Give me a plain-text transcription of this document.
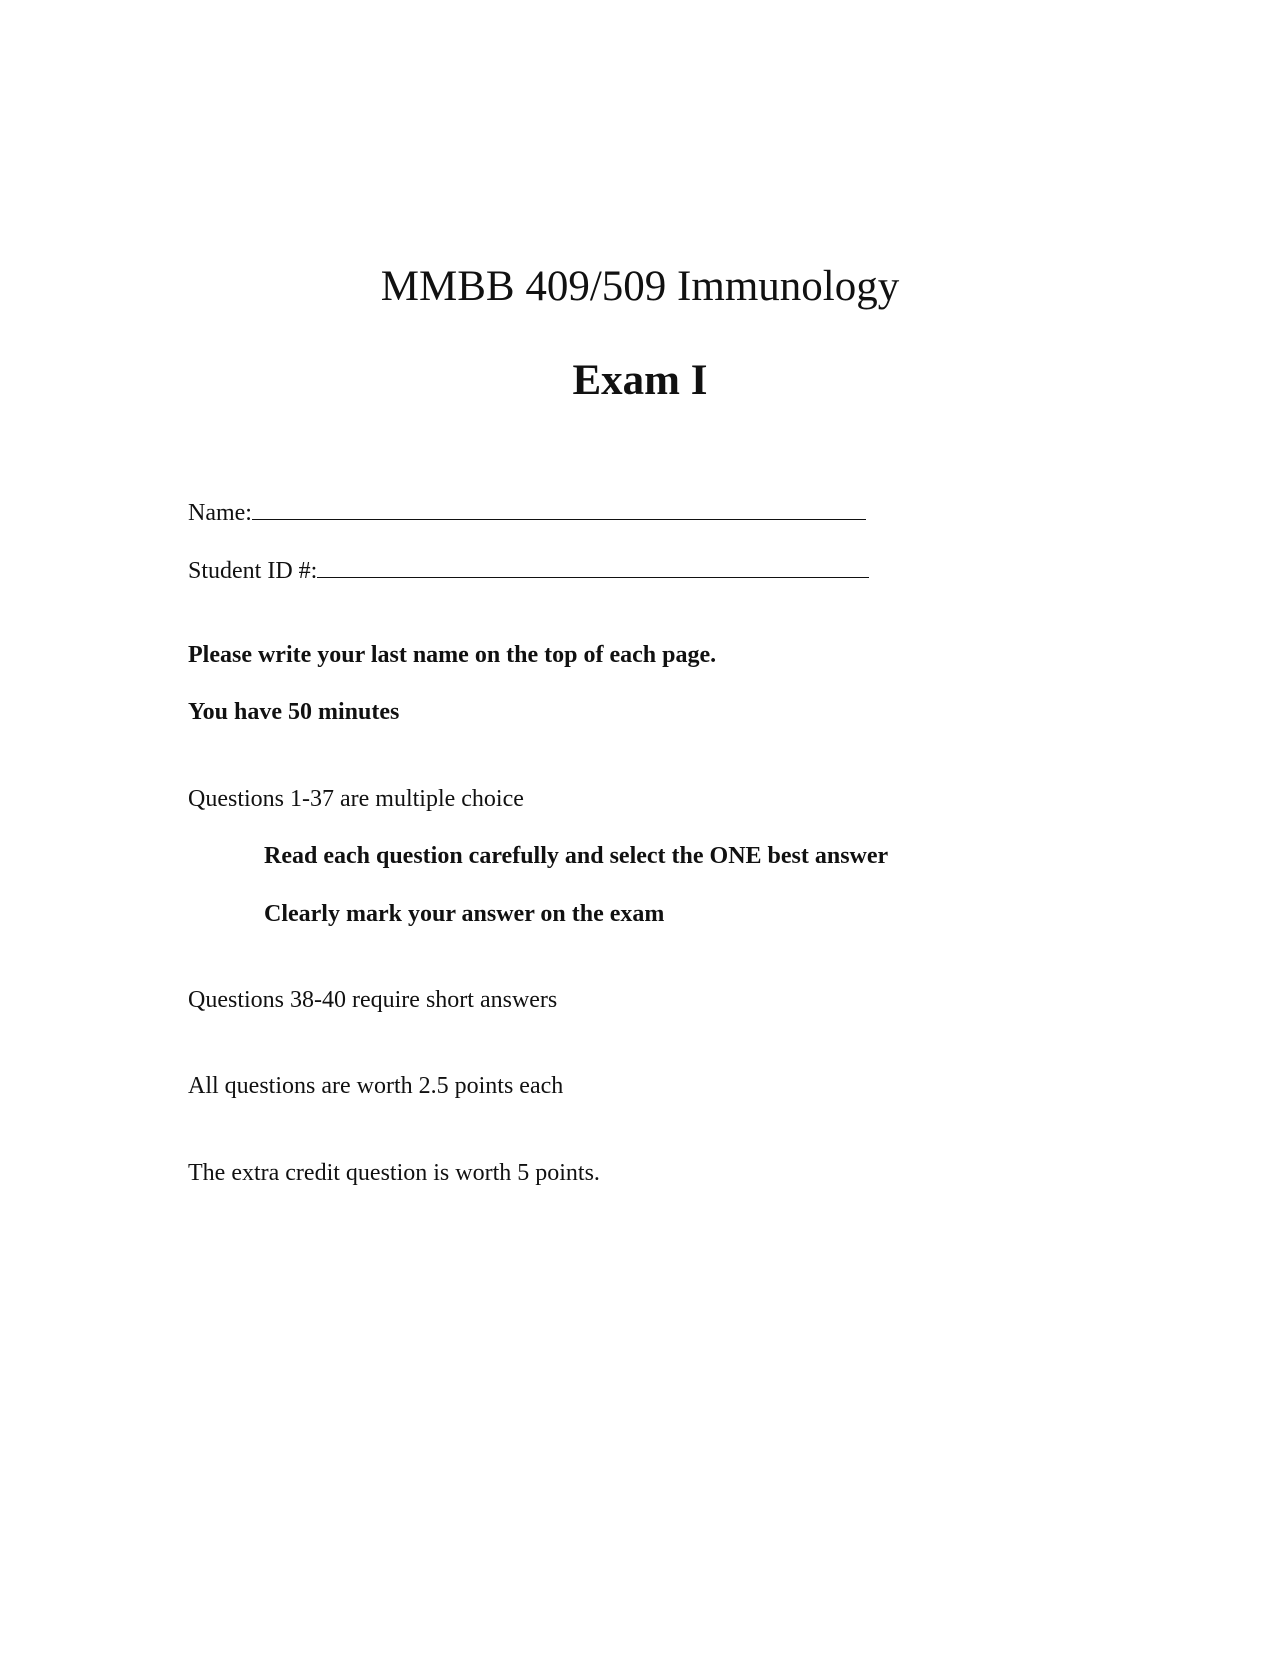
MMBB 409/509 Immunology
Exam I
Name:
Student ID #:
Please write your last name on the top of each page.
You have 50 minutes
Questions 1-37 are multiple choice
Read each question carefully and select the ONE best answer
Clearly mark your answer on the exam
Questions 38-40 require short answers
All questions are worth 2.5 points each
The extra credit question is worth 5 points.
